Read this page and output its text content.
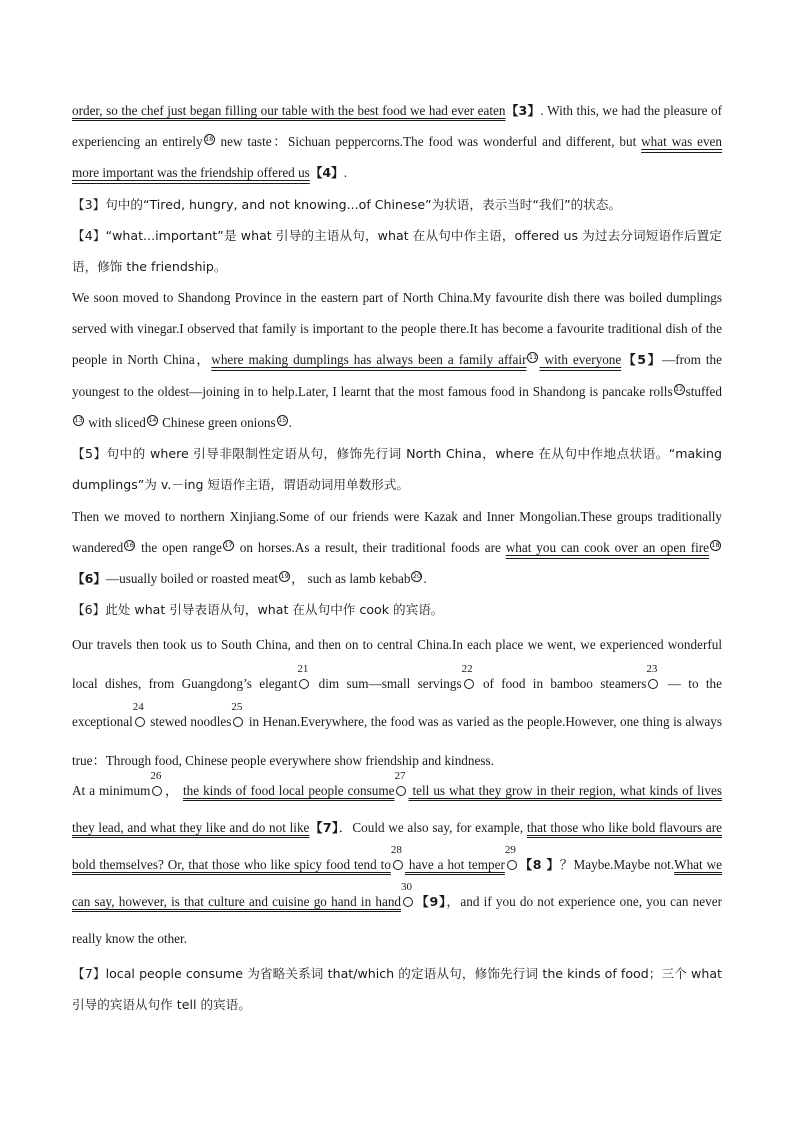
order, so the chef just began filling our table with the best food we had ever eaten【3】. With this, we had the pleasure of experiencing an entirely 18 new taste：Sichuan peppercorns.The food was wonderful and different, but what was even more important was the friendship offered us【4】.

【3】句中的“Tired, hungry, and not knowing...of Chinese”为状语，表示当时“我们”的状态。

【4】“what...important”是 what 引导的主语从句，what 在从句中作主语，offered us 为过去分词短语作后置定语，修饰 the friendship。

We soon moved to Shandong Province in the eastern part of North China.My favourite dish there was boiled dumplings served with vinegar.I observed that family is important to the people there.It has become a favourite traditional dish of the people in North China，where making dumplings has always been a family affair 11 with everyone【5】—from the youngest to the oldest—joining in to help.Later, I learnt that the most famous food in Shandong is pancake rolls 12 stuffed13 with sliced 14 Chinese green onions 15 .

【5】句中的 where 引导非限制性定语从句，修饰先行词 North China，where 在从句中作地点状语。“making dumplings”为 v.－ing 短语作主语，谓语动词用单数形式。

Then we moved to northern Xinjiang.Some of our friends were Kazak and Inner Mongolian.These groups traditionally wandered 16 the open range 17 on horses.As a result, their traditional foods are what you can cook over an open fire 18【6】—usually boiled or roasted meat 19 ， such as lamb kebab 20 .

【6】此处 what 引导表语从句，what 在从句中作 cook 的宾语。

Our travels then took us to South China, and then on to central China.In each place we went, we experienced wonderful local dishes, from Guangdong’s elegant
21
dim sum—small servings
22
of food in bamboo steamers
23
— to the exceptional
24
stewed noodles
25
in Henan.Everywhere, the food was as varied as the people.However, one thing is always true：Through food, Chinese people everywhere show friendship and kindness.

At a minimum
26
， the kinds of food local people consume
27
tell us what they grow in their region, what kinds of lives they lead, and what they like and do not like【7】．Could we also say, for example, that those who like bold flavours are bold themselves? Or, that those who like spicy food tend to
28
have a hot temper
29
【8 】？Maybe.Maybe not.What we can say, however, is that culture and cuisine go hand in hand
30
【9】，and if you do not experience one, you can never really know the other.

【7】local people consume 为省略关系词 that/which 的定语从句，修饰先行词 the kinds of food；三个 what 引导的宾语从句作 tell 的宾语。
